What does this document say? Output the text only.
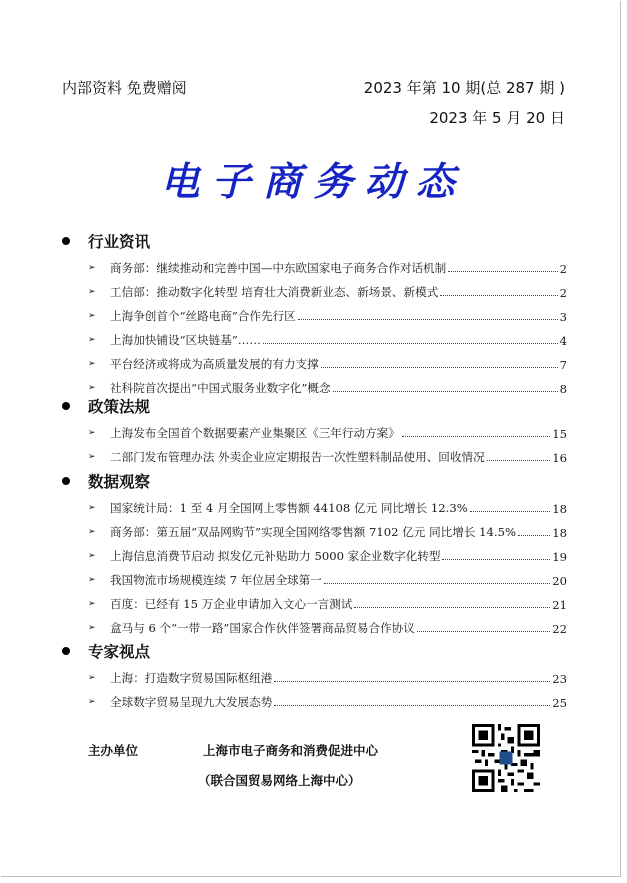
内部资料 免费赠阅	2023 年第 10 期(总 287 期 )
2023 年 5 月 20 日
电子商务动态
行业资讯
➢	商务部：继续推动和完善中国—中东欧国家电子商务合作对话机制	2
➢	工信部：推动数字化转型 培育壮大消费新业态、新场景、新模式	2
➢	上海争创首个“丝路电商”合作先行区	3
➢	上海加快铺设“区块链基”……	4
➢	平台经济或将成为高质量发展的有力支撑	7
➢	社科院首次提出“中国式服务业数字化”概念	8
政策法规
➢	上海发布全国首个数据要素产业集聚区《三年行动方案》	15
➢	二部门发布管理办法 外卖企业应定期报告一次性塑料制品使用、回收情况	16
数据观察
➢	国家统计局：1 至 4 月全国网上零售额 44108 亿元 同比增长 12.3%	18
➢	商务部：第五届“双品网购节”实现全国网络零售额 7102 亿元 同比增长 14.5%	18
➢	上海信息消费节启动 拟发亿元补贴助力 5000 家企业数字化转型	19
➢	我国物流市场规模连续 7 年位居全球第一	20
➢	百度：已经有 15 万企业申请加入文心一言测试	21
➢	盒马与 6 个“一带一路”国家合作伙伴签署商品贸易合作协议	22
专家视点
➢	上海：打造数字贸易国际枢纽港	23
➢	全球数字贸易呈现九大发展态势	25
主办单位	上海市电子商务和消费促进中心
（联合国贸易网络上海中心）
